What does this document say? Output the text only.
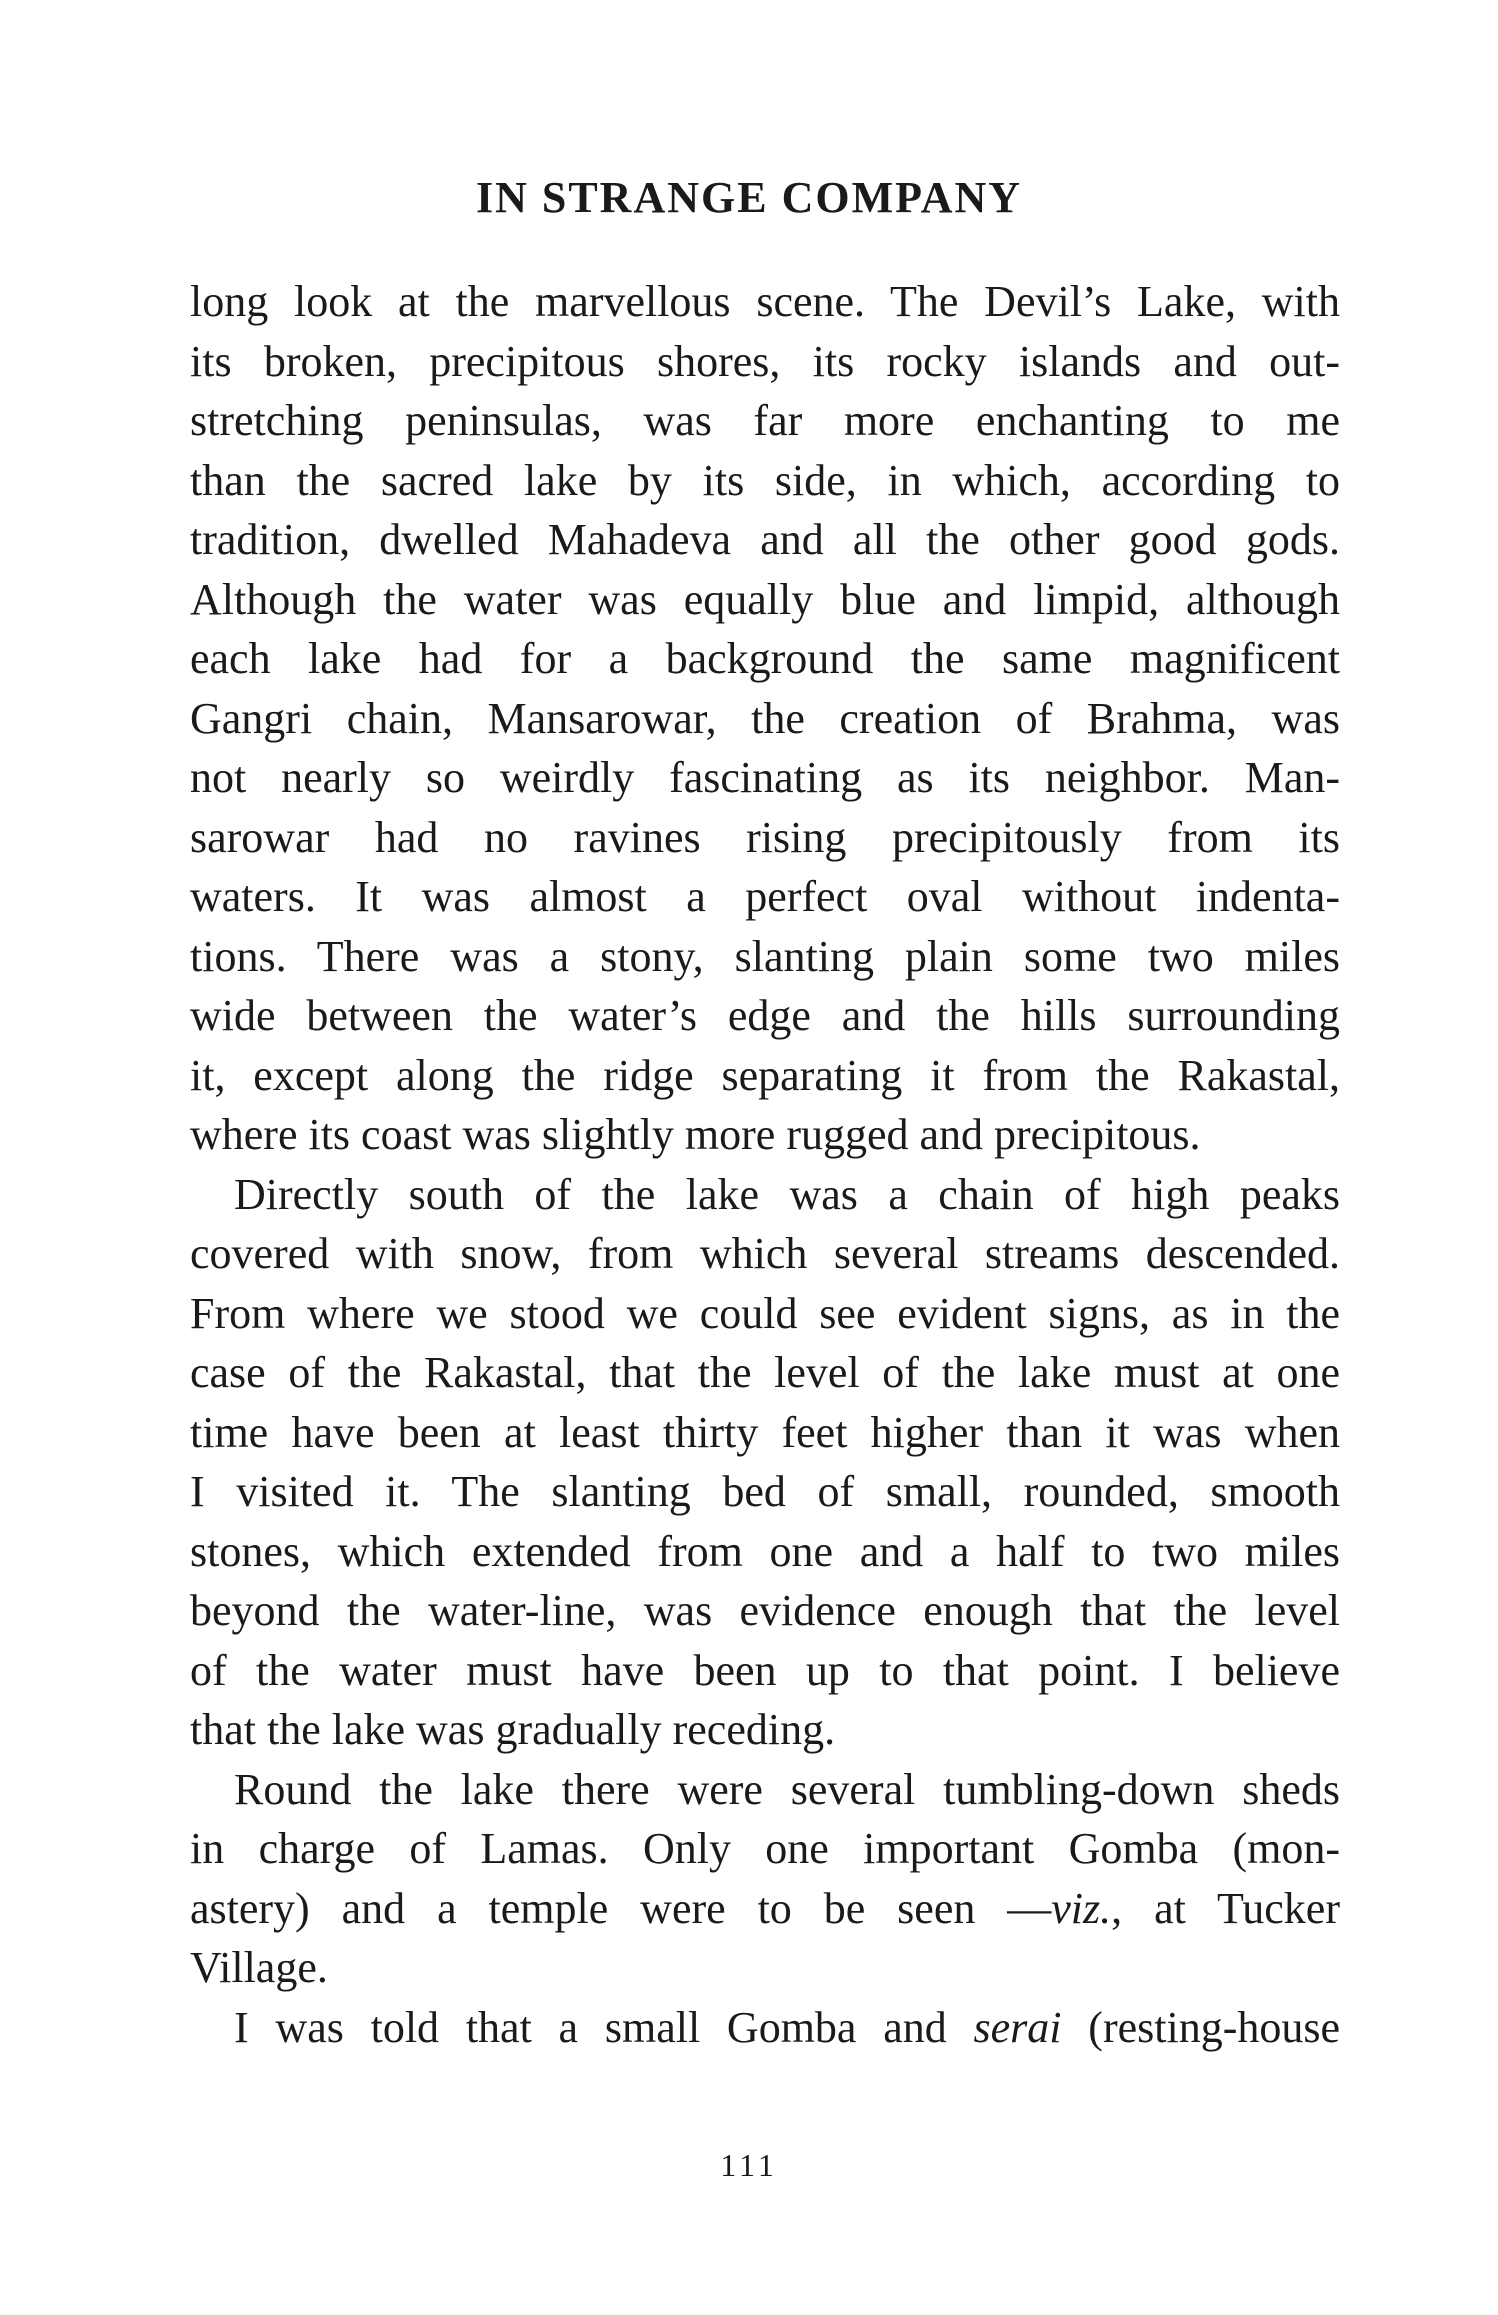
IN STRANGE COMPANY
long look at the marvellous scene. The Devil’s Lake, with
its broken, precipitous shores, its rocky islands and out-
stretching peninsulas, was far more enchanting to me
than the sacred lake by its side, in which, according to
tradition, dwelled Mahadeva and all the other good gods.
Although the water was equally blue and limpid, although
each lake had for a background the same magnificent
Gangri chain, Mansarowar, the creation of Brahma, was
not nearly so weirdly fascinating as its neighbor. Man-
sarowar had no ravines rising precipitously from its
waters. It was almost a perfect oval without indenta-
tions. There was a stony, slanting plain some two miles
wide between the water’s edge and the hills surrounding
it, except along the ridge separating it from the Rakastal,
where its coast was slightly more rugged and precipitous.
Directly south of the lake was a chain of high peaks
covered with snow, from which several streams descended.
From where we stood we could see evident signs, as in the
case of the Rakastal, that the level of the lake must at one
time have been at least thirty feet higher than it was when
I visited it. The slanting bed of small, rounded, smooth
stones, which extended from one and a half to two miles
beyond the water-line, was evidence enough that the level
of the water must have been up to that point. I believe
that the lake was gradually receding.
Round the lake there were several tumbling-down sheds
in charge of Lamas. Only one important Gomba (mon-
astery) and a temple were to be seen —viz., at Tucker
Village.
I was told that a small Gomba and serai (resting-house
111
